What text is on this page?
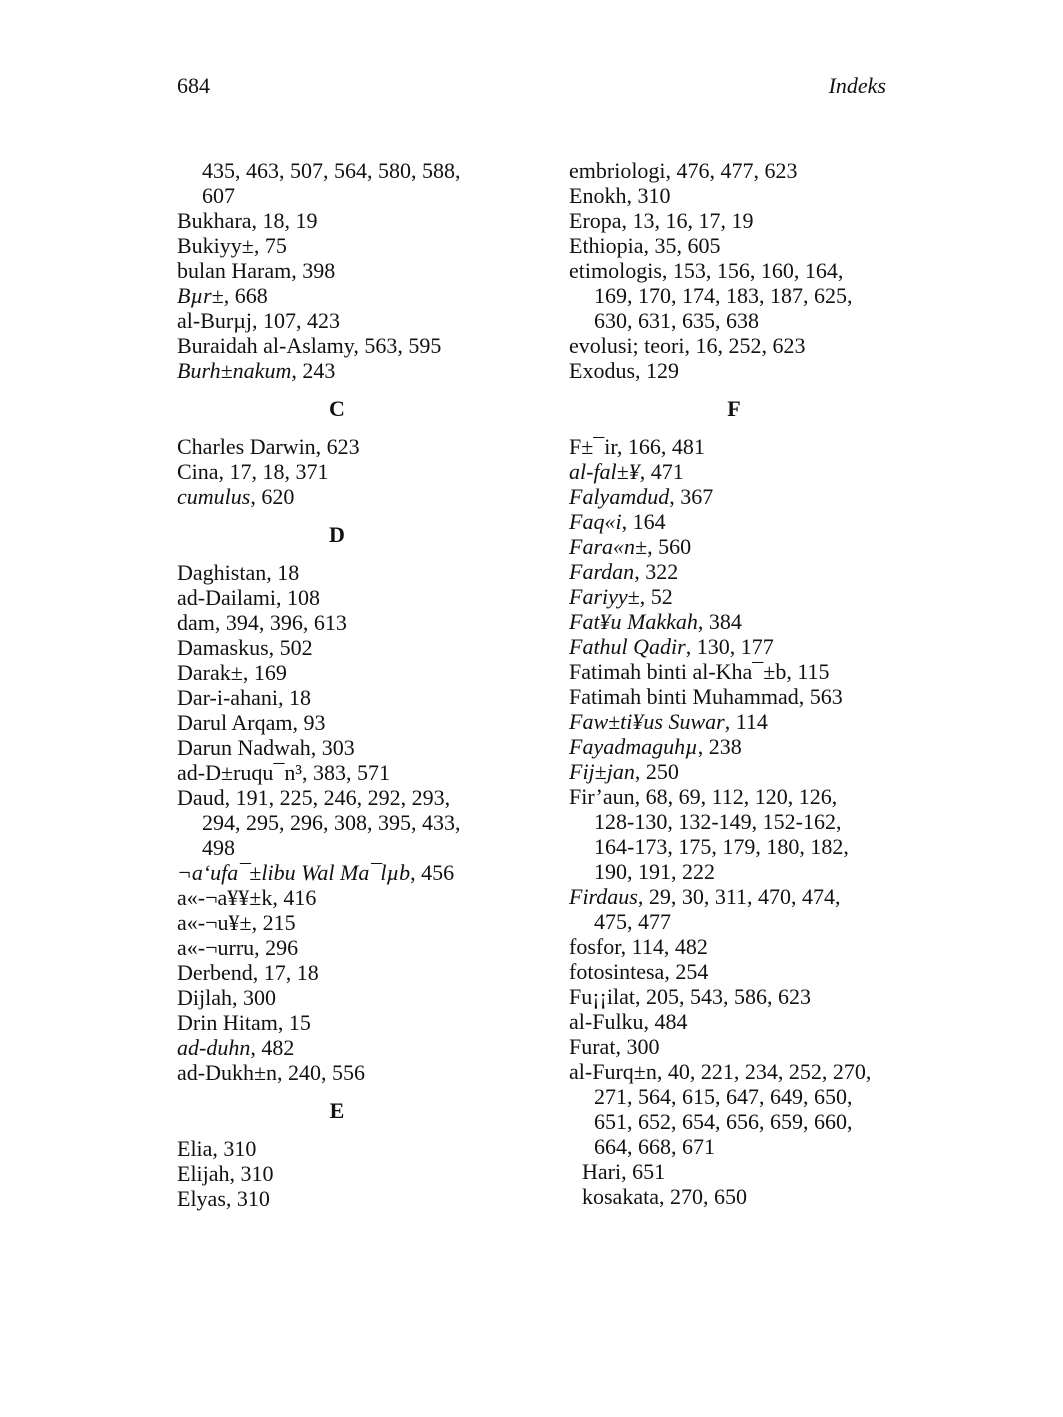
684	Indeks
435, 463, 507, 564, 580, 588,
607
Bukhara, 18, 19
Bukiyy±, 75
bulan Haram, 398
Bµr±, 668
al-Burµj, 107, 423
Buraidah al-Aslamy, 563, 595
Burh±nakum, 243
C
Charles Darwin, 623
Cina, 17, 18, 371
cumulus, 620
D
Daghistan, 18
ad-Dailami, 108
dam, 394, 396, 613
Damaskus, 502
Darak±, 169
Dar-i-ahani, 18
Darul Arqam, 93
Darun Nadwah, 303
ad-D±ruqu¯n³, 383, 571
Daud, 191, 225, 246, 292, 293,
294, 295, 296, 308, 395, 433,
498
¬a‘ufa¯±libu Wal Ma¯lµb, 456
a«-¬a¥¥±k, 416
a«-¬u¥±, 215
a«-¬urru, 296
Derbend, 17, 18
Dijlah, 300
Drin Hitam, 15
ad-duhn, 482
ad-Dukh±n, 240, 556
E
Elia, 310
Elijah, 310
Elyas, 310
embriologi, 476, 477, 623
Enokh, 310
Eropa, 13, 16, 17, 19
Ethiopia, 35, 605
etimologis, 153, 156, 160, 164,
169, 170, 174, 183, 187, 625,
630, 631, 635, 638
evolusi; teori, 16, 252, 623
Exodus, 129
F
F±¯ir, 166, 481
al-fal±¥, 471
Falyamdud, 367
Faq«i, 164
Fara«n±, 560
Fardan, 322
Fariyy±, 52
Fat¥u Makkah, 384
Fathul Qadir, 130, 177
Fatimah binti al-Kha¯±b, 115
Fatimah binti Muhammad, 563
Faw±ti¥us Suwar, 114
Fayadmaguhµ, 238
Fij±jan, 250
Fir’aun, 68, 69, 112, 120, 126,
128-130, 132-149, 152-162,
164-173, 175, 179, 180, 182,
190, 191, 222
Firdaus, 29, 30, 311, 470, 474,
475, 477
fosfor, 114, 482
fotosintesa, 254
Fu¡¡ilat, 205, 543, 586, 623
al-Fulku, 484
Furat, 300
al-Furq±n, 40, 221, 234, 252, 270,
271, 564, 615, 647, 649, 650,
651, 652, 654, 656, 659, 660,
664, 668, 671
Hari, 651
kosakata, 270, 650
